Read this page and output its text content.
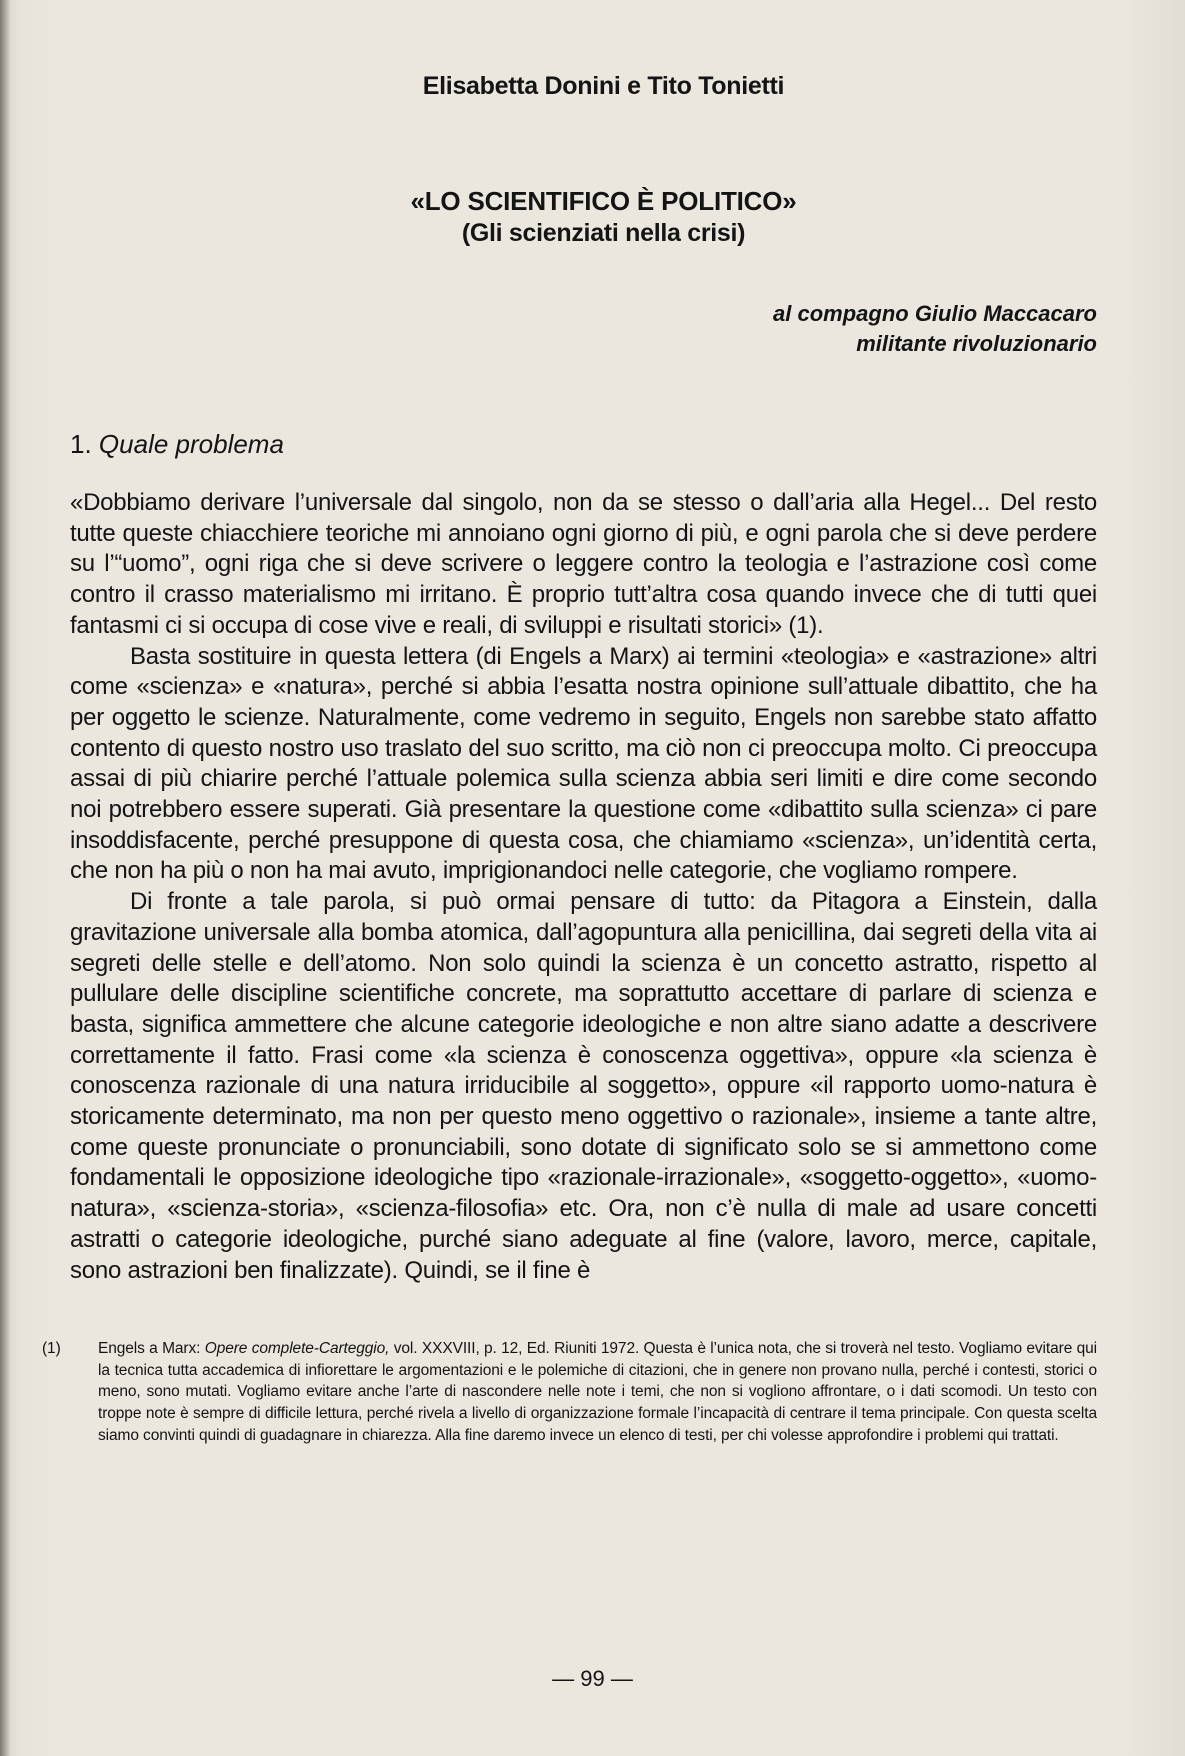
Elisabetta Donini e Tito Tonietti
«LO SCIENTIFICO È POLITICO»
(Gli scienziati nella crisi)
al compagno Giulio Maccacaro
militante rivoluzionario
1. Quale problema

«Dobbiamo derivare l’universale dal singolo, non da se stesso o dall’aria alla Hegel... Del resto tutte queste chiacchiere teoriche mi annoiano ogni giorno di più, e ogni parola che si deve perdere su l’“uomo”, ogni riga che si deve scrivere o leggere contro la teologia e l’astrazione così come contro il crasso materialismo mi irritano. È proprio tutt’altra cosa quando invece che di tutti quei fantasmi ci si occupa di cose vive e reali, di sviluppi e risultati storici» (1).

Basta sostituire in questa lettera (di Engels a Marx) ai termini «teologia» e «astrazione» altri come «scienza» e «natura», perché si abbia l’esatta nostra opinione sull’attuale dibattito, che ha per oggetto le scienze. Naturalmente, come vedremo in seguito, Engels non sarebbe stato affatto contento di questo nostro uso traslato del suo scritto, ma ciò non ci preoccupa molto. Ci preoccupa assai di più chiarire perché l’attuale polemica sulla scienza abbia seri limiti e dire come secondo noi potrebbero essere superati. Già presentare la questione come «dibattito sulla scienza» ci pare insoddisfacente, perché presuppone di questa cosa, che chiamiamo «scienza», un’identità certa, che non ha più o non ha mai avuto, imprigionandoci nelle categorie, che vogliamo rompere.

Di fronte a tale parola, si può ormai pensare di tutto: da Pitagora a Einstein, dalla gravitazione universale alla bomba atomica, dall’agopuntura alla penicillina, dai segreti della vita ai segreti delle stelle e dell’atomo. Non solo quindi la scienza è un concetto astratto, rispetto al pullulare delle discipline scientifiche concrete, ma soprattutto accettare di parlare di scienza e basta, significa ammettere che alcune categorie ideologiche e non altre siano adatte a descrivere correttamente il fatto. Frasi come «la scienza è conoscenza oggettiva», oppure «la scienza è conoscenza razionale di una natura irriducibile al soggetto», oppure «il rapporto uomo-natura è storicamente determinato, ma non per questo meno oggettivo o razionale», insieme a tante altre, come queste pronunciate o pronunciabili, sono dotate di significato solo se si ammettono come fondamentali le opposizione ideologiche tipo «razionale-irrazionale», «soggetto-oggetto», «uomo- natura», «scienza-storia», «scienza-filosofia» etc. Ora, non c’è nulla di male ad usare concetti astratti o categorie ideologiche, purché siano adeguate al fine (valore, lavoro, merce, capitale, sono astrazioni ben finalizzate). Quindi, se il fine è

(1) Engels a Marx: Opere complete-Carteggio, vol. XXXVIII, p. 12, Ed. Riuniti 1972. Questa è l’unica nota, che si troverà nel testo. Vogliamo evitare qui la tecnica tutta accademica di infiorettare le argomentazioni e le polemiche di citazioni, che in genere non provano nulla, perché i contesti, storici o meno, sono mutati. Vogliamo evitare anche l’arte di nascondere nelle note i temi, che non si vogliono affrontare, o i dati scomodi. Un testo con troppe note è sempre di difficile lettura, perché rivela a livello di organizzazione formale l’incapacità di centrare il tema principale. Con questa scelta siamo convinti quindi di guadagnare in chiarezza. Alla fine daremo invece un elenco di testi, per chi volesse approfondire i problemi qui trattati.
— 99 —
